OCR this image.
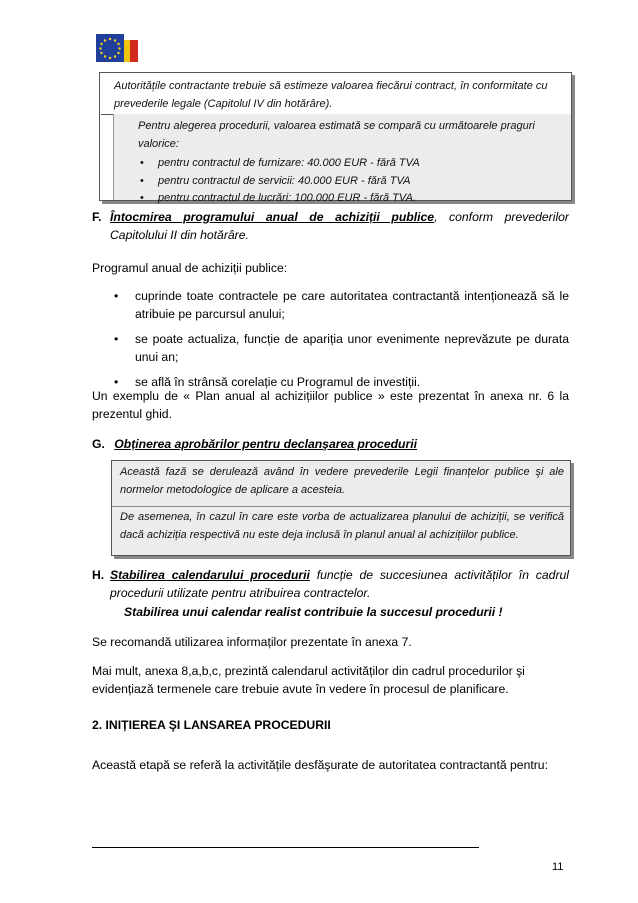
Autoritățile contractante trebuie să estimeze valoarea fiecărui contract, în conformitate cu prevederile legale (Capitolul IV din hotărâre).
Pentru alegerea procedurii, valoarea estimată se compară cu următoarele praguri valorice:
• pentru contractul de furnizare: 40.000 EUR - fără TVA
• pentru contractul de servicii: 40.000 EUR - fără TVA
• pentru contractul de lucrări: 100.000 EUR - fără TVA.
F. Întocmirea programului anual de achiziții publice, conform prevederilor Capitolului II din hotărâre.
Programul anual de achiziții publice:
• cuprinde toate contractele pe care autoritatea contractantă intenționează să le atribuie pe parcursul anului;
• se poate actualiza, funcție de apariția unor evenimente neprevăzute pe durata unui an;
• se află în strânsă corelație cu Programul de investiții.
Un exemplu de « Plan anual al achizițiilor publice » este prezentat în anexa nr. 6 la prezentul ghid.
G. Obținerea aprobărilor pentru declanşarea procedurii
Această fază se derulează având în vedere prevederile Legii finanțelor publice şi ale normelor metodologice de aplicare a acesteia.
De asemenea, în cazul în care este vorba de actualizarea planului de achiziții, se verifică dacă achiziția respectivă nu este deja inclusă în planul anual al achizițiilor publice.
H. Stabilirea calendarului procedurii funcție de succesiunea activităților în cadrul procedurii utilizate pentru atribuirea contractelor.
Stabilirea unui calendar realist contribuie la succesul procedurii !
Se recomandă utilizarea informaților prezentate în anexa 7.
Mai mult, anexa 8,a,b,c, prezintă calendarul activităților din cadrul procedurilor şi evidențiază termenele care trebuie avute în vedere în procesul de planificare.
2. INIȚIEREA ŞI LANSAREA PROCEDURII
Această etapă se referă la activitățile desfăşurate de autoritatea contractantă pentru:
11
